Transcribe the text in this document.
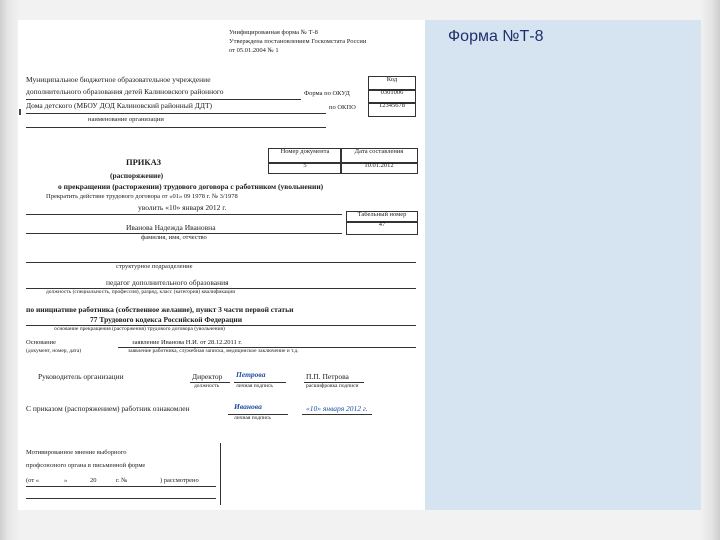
Форма №Т-8
Унифицированная форма № Т-8
Утверждена постановлением Госкомстата России
от 05.01.2004 № 1
Код
0301006
12345678
Форма по ОКУД
по ОКПО
Муниципальное бюджетное образовательное учреждение
дополнительного образования детей Калиновского районного
Дома детского (МБОУ ДОД Калиновский районный ДДТ)
наименование организации
Номер документа	Дата составления
5	10.01.2012
ПРИКАЗ
(распоряжение)
о прекращении (расторжении) трудового договора с работником (увольнении)
Прекратить действие трудового договора от «01» 09 1978 г. № 3/1978
уволить «10» января 2012 г.
Табельный номер
47
Иванова Надежда Ивановна
фамилия, имя, отчество
структурное подразделение
педагог дополнительного образования
должность (специальность, профессия), разряд, класс (категория) квалификации
по инициативе работника (собственное желание), пункт 3 части первой статьи
77 Трудового кодекса Российской Федерации
основание прекращения (расторжения) трудового договора (увольнения)
Основание	заявление Иванова Н.И. от 28.12.2011 г.
(документ, номер, дата)	заявление работника, служебная записка, медицинское заключение и т.д.
Руководитель организации	Директор Петрова	П.П. Петрова
должность	личная подпись	расшифровка подписи
С приказом (распоряжением) работник ознакомлен	Иванова	«10» января 2012 г.
личная подпись
Мотивированное мнение выборного
профсоюзного органа в письменной форме
(от «	»	20	г. №	) рассмотрено
